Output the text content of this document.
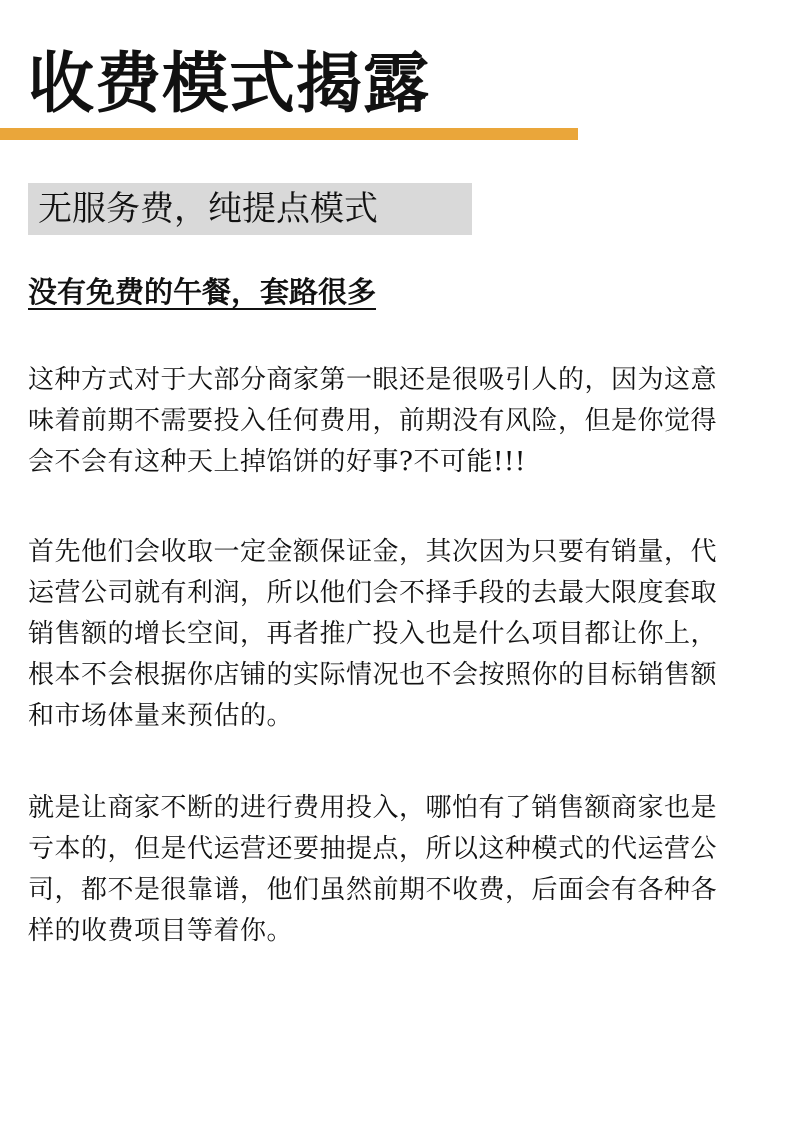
收费模式揭露
无服务费，纯提点模式
没有免费的午餐，套路很多

这种方式对于大部分商家第一眼还是很吸引人的，因为这意味着前期不需要投入任何费用，前期没有风险，但是你觉得会不会有这种天上掉馅饼的好事?不可能!!!

首先他们会收取一定金额保证金，其次因为只要有销量，代运营公司就有利润，所以他们会不择手段的去最大限度套取销售额的增长空间，再者推广投入也是什么项目都让你上，根本不会根据你店铺的实际情况也不会按照你的目标销售额和市场体量来预估的。

就是让商家不断的进行费用投入，哪怕有了销售额商家也是亏本的，但是代运营还要抽提点，所以这种模式的代运营公司，都不是很靠谱，他们虽然前期不收费，后面会有各种各样的收费项目等着你。
